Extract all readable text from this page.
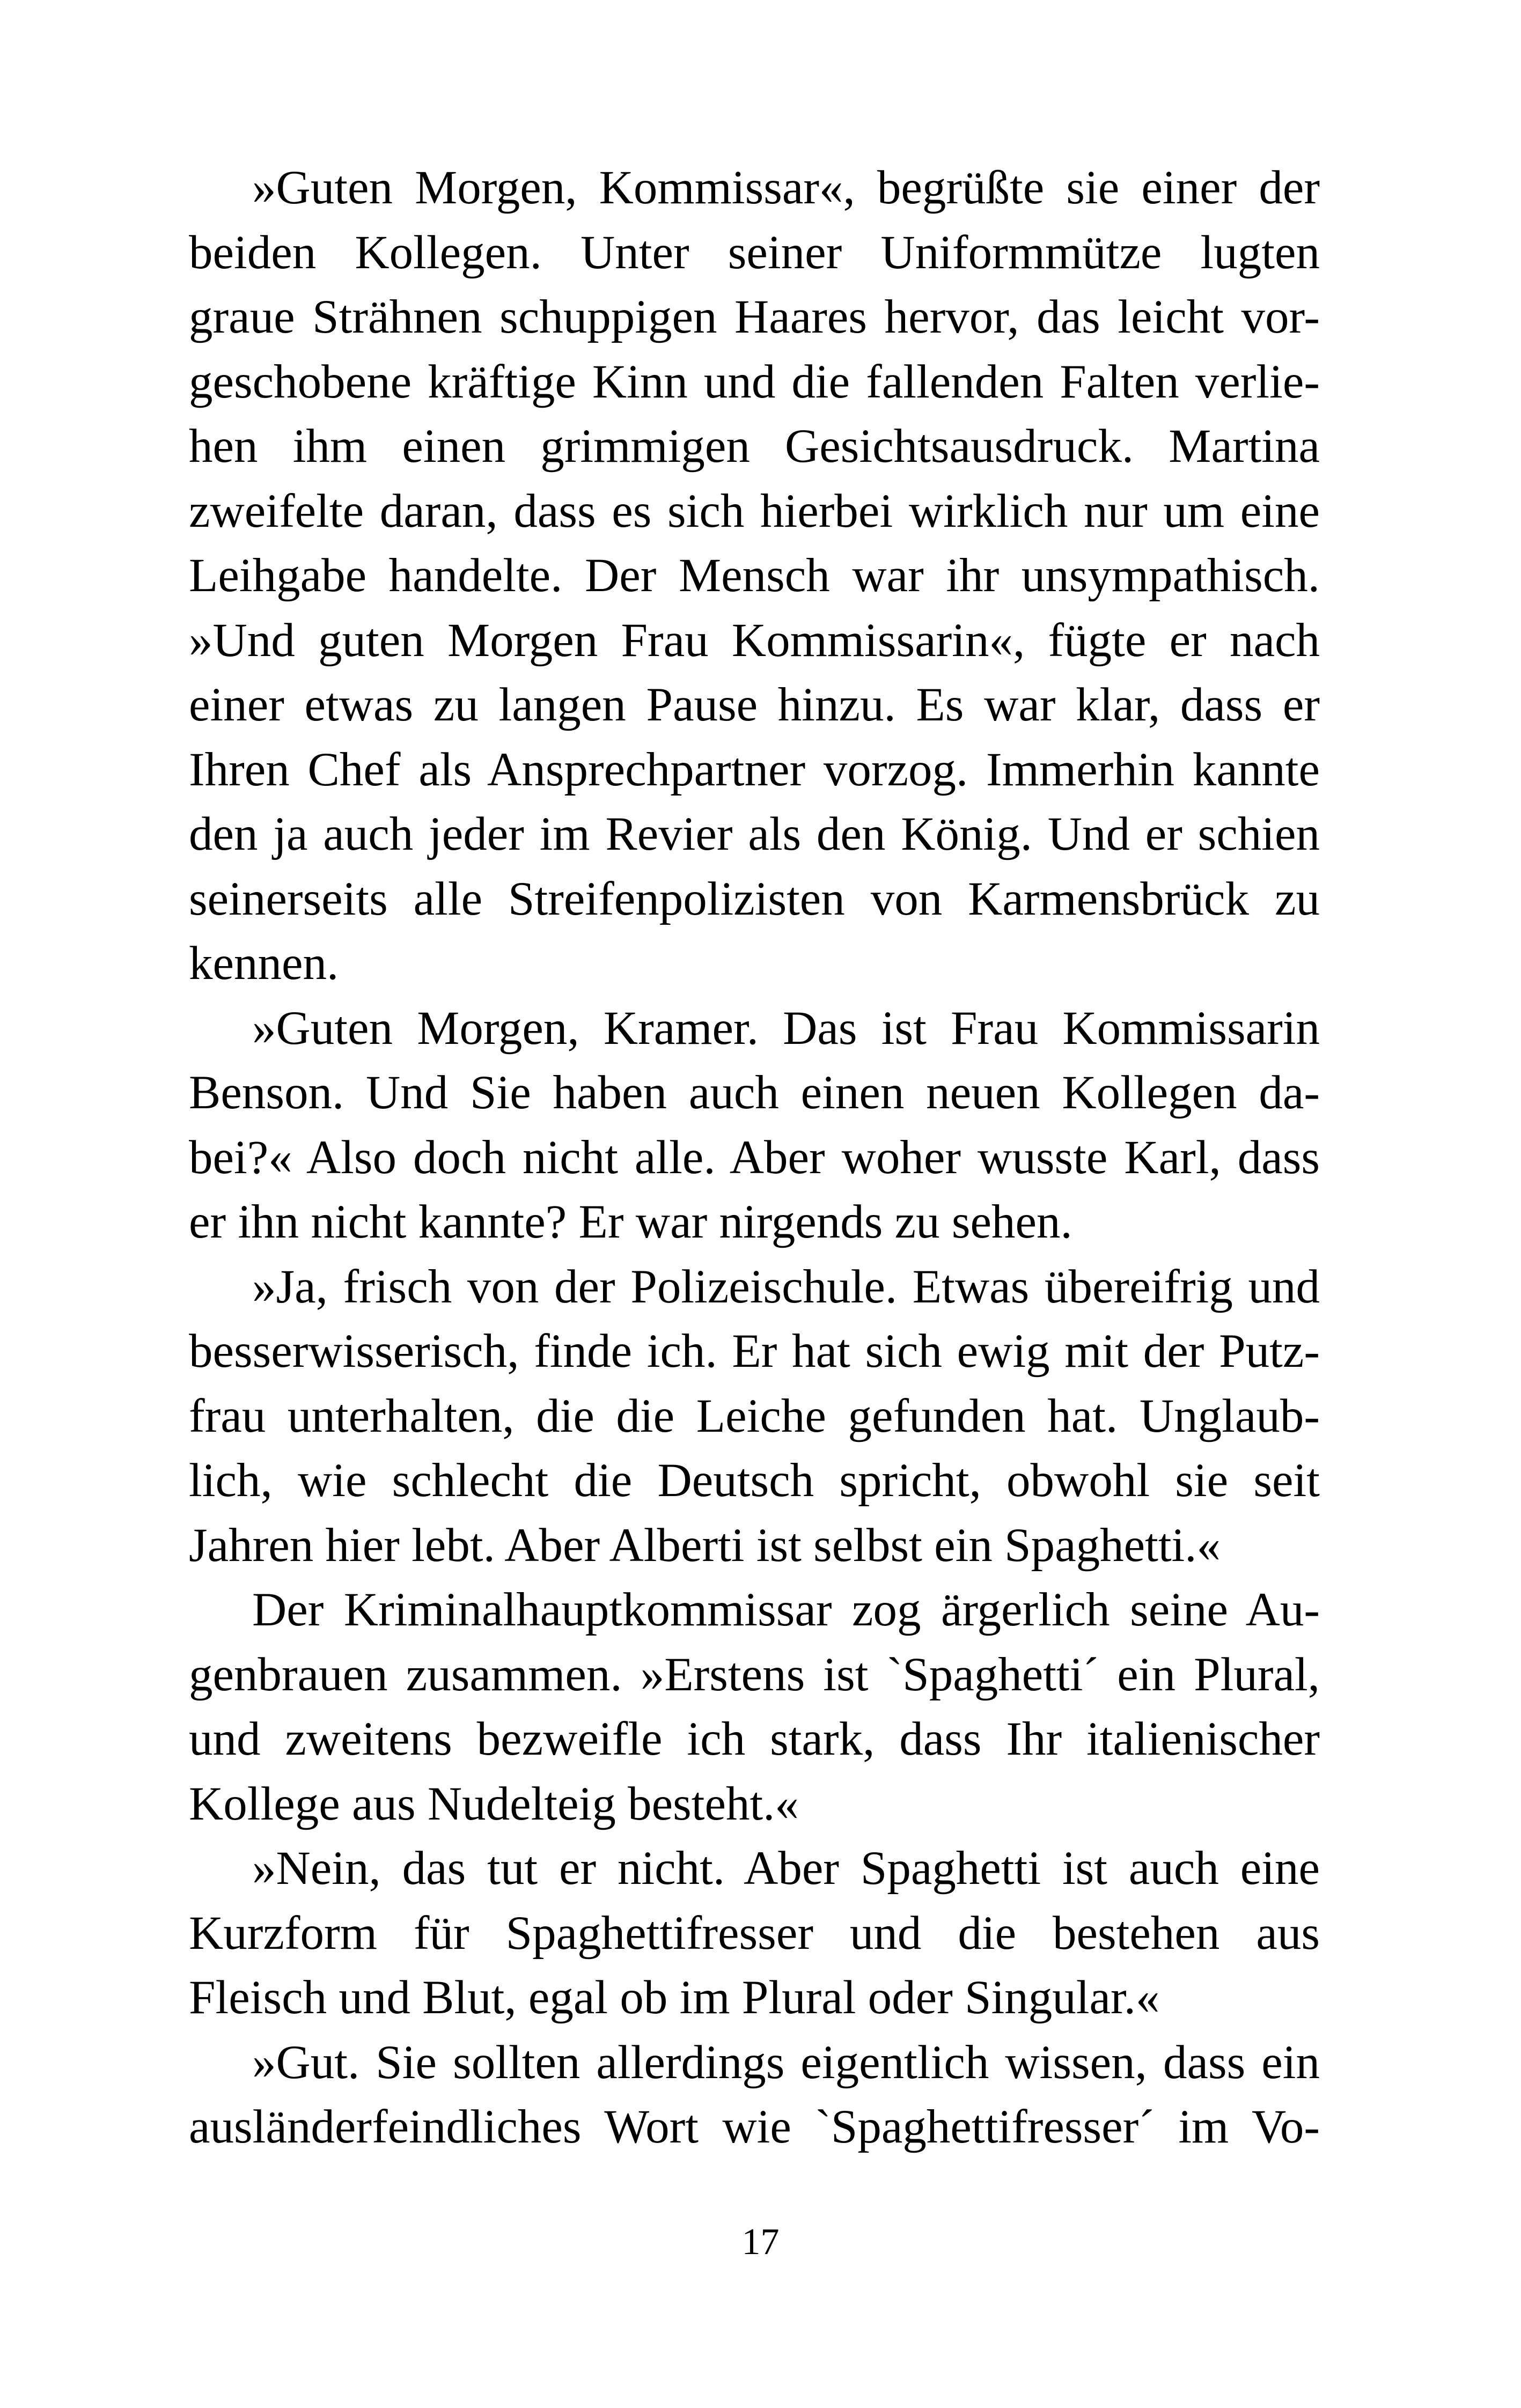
»Guten Morgen, Kommissar«, begrüßte sie einer der
beiden Kollegen. Unter seiner Uniformmütze lugten
graue Strähnen schuppigen Haares hervor, das leicht vor-
geschobene kräftige Kinn und die fallenden Falten verlie-
hen ihm einen grimmigen Gesichtsausdruck. Martina
zweifelte daran, dass es sich hierbei wirklich nur um eine
Leihgabe handelte. Der Mensch war ihr unsympathisch.
»Und guten Morgen Frau Kommissarin«, fügte er nach
einer etwas zu langen Pause hinzu. Es war klar, dass er
Ihren Chef als Ansprechpartner vorzog. Immerhin kannte
den ja auch jeder im Revier als den König. Und er schien
seinerseits alle Streifenpolizisten von Karmensbrück zu
kennen.
»Guten Morgen, Kramer. Das ist Frau Kommissarin
Benson. Und Sie haben auch einen neuen Kollegen da-
bei?« Also doch nicht alle. Aber woher wusste Karl, dass
er ihn nicht kannte? Er war nirgends zu sehen.
»Ja, frisch von der Polizeischule. Etwas übereifrig und
besserwisserisch, finde ich. Er hat sich ewig mit der Putz-
frau unterhalten, die die Leiche gefunden hat. Unglaub-
lich, wie schlecht die Deutsch spricht, obwohl sie seit
Jahren hier lebt. Aber Alberti ist selbst ein Spaghetti.«
Der Kriminalhauptkommissar zog ärgerlich seine Au-
genbrauen zusammen. »Erstens ist `Spaghetti´ ein Plural,
und zweitens bezweifle ich stark, dass Ihr italienischer
Kollege aus Nudelteig besteht.«
»Nein, das tut er nicht. Aber Spaghetti ist auch eine
Kurzform für Spaghettifresser und die bestehen aus
Fleisch und Blut, egal ob im Plural oder Singular.«
»Gut. Sie sollten allerdings eigentlich wissen, dass ein
ausländerfeindliches Wort wie `Spaghettifresser´ im Vo-
17
